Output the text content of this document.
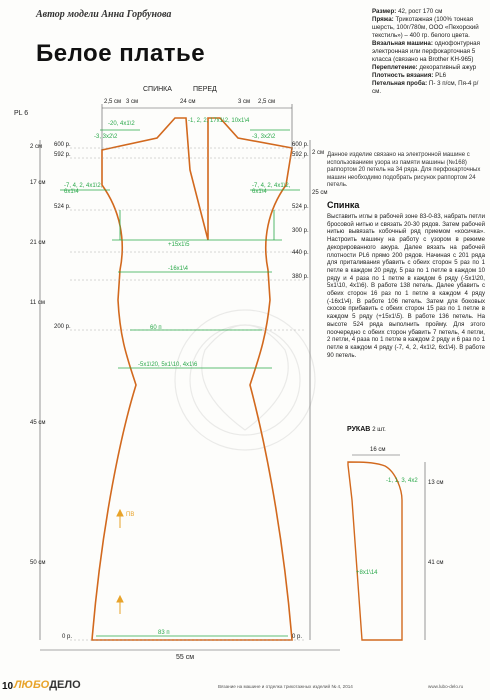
Автор модели Анна Горбунова
Белое платье

Размер: 42, рост 170 см

Пряжа: Трикотажная (100% тонкая шерсть, 100г/780м, ООО «Пехорский текстиль») – 400 гр. белого цвета.

Вязальная машина: однофонтурная электронная или перфокарточная 5 класса (связано на Brother KH-965)

Переплетение: декоративный ажур

Плотность вязания: PL6

Петельная проба: П- 3 п/см, Пя-4 р/см.

Данное изделие связано на электронной машине с использованием узора из памяти машины (№168) раппортом 20 петель на 34 ряда. Для перфокарточных машин необходимо подобрать рисунок раппортом 24 петель.
Спинка
Выставить иглы в рабочей зоне 83-0-83, набрать петли бросовой нитью и связать 20-30 рядов. Затем рабочей нитью вывязать кобочный ряд приемом «косичка». Настроить машину на работу с узором в режиме декорированного ажура. Далее вязать на рабочей плотности PL6 прямо 200 рядов. Начиная с 201 ряда для приталивания убавить с обеих сторон 5 раз по 1 петле в каждом 20 ряду, 5 раз по 1 петле в каждом 10 ряду и 4 раза по 1 петле в каждом 6 ряду (-5х1\20, 5х1\10, 4х1\6). В работе 138 петель. Далее убавить с обеих сторон 16 раз по 1 петле в каждом 4 ряду (-16х1\4). В работе 106 петель. Затем для боковых скосов прибавить с обеих сторон 15 раз по 1 петле в каждом 5 ряду (+15х1\5). В работе 136 петель. На высоте 524 ряда выполнить пройму. Для этого поочередно с обеих сторон убавить 7 петель, 4 петли, 2 петли, 4 раза по 1 петле в каждом 2 ряду и 6 раз по 1 петле в каждом 4 ряду (-7, 4, 2, 4х1\2, 6х1\4). В работе 90 петель.
СПИНКА	ПЕРЕД
PL 6
2,5 см 3 см	24 см	3 см 2,5 см
-20, 4х1\2	-1, 2, 2, 17х1\2, 10х1\4
-3, 3х2\2	-3, 3х2\2
-7, 4, 2, 4х1\2, 6х1\4
-7, 4, 2, 4х1\2, 6х1\4
+15х1\5
-16х1\4
60 п
-5х1\20, 5х1\10, 4х1\6
83 п
ПВ
600 р.
592 р.
524 р.
200 р.
0 р.
600 р.
592 р.
524 р.
300 р.
440 р.
380 р.
0 р.
2 см
17 см
21 см
11 см
45 см
50 см
2 см
25 см
55 см
РУКАВ 2 шт.
16 см
13 см
41 см
-1, 1, 3, 4х2
+8х1\14
10 ЛЮБОДЕЛО	Вязание на машине и отделка трикотажных изделий № 4, 2014	www.lubo-delo.ru
